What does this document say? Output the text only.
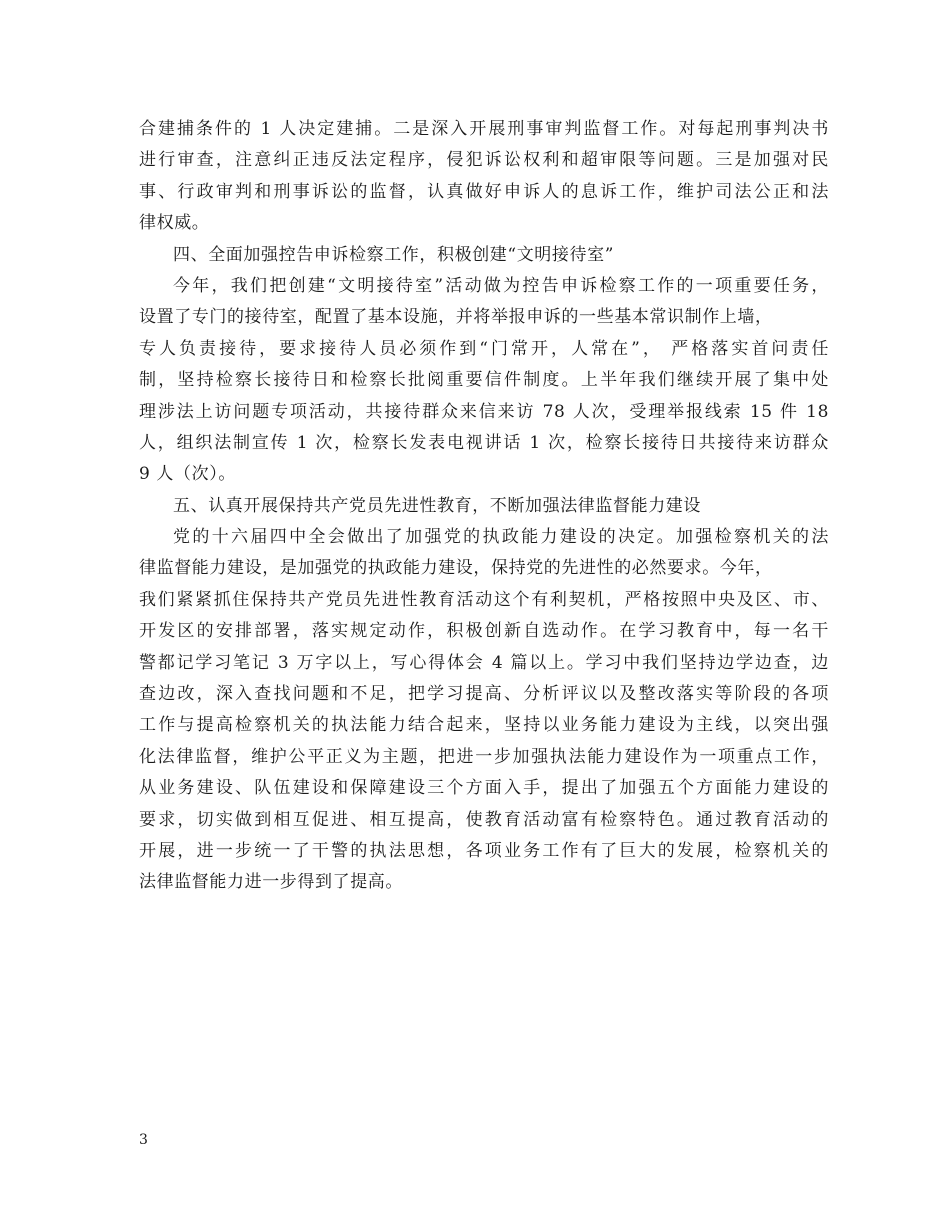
合建捕条件的 1 人决定建捕。二是深入开展刑事审判监督工作。对每起刑事判决书
进行审查，注意纠正违反法定程序，侵犯诉讼权利和超审限等问题。三是加强对民
事、行政审判和刑事诉讼的监督，认真做好申诉人的息诉工作，维护司法公正和法
律权威。
四、全面加强控告申诉检察工作，积极创建“文明接待室”
今年，我们把创建“文明接待室”活动做为控告申诉检察工作的一项重要任务，
设置了专门的接待室，配置了基本设施，并将举报申诉的一些基本常识制作上墙，
专人负责接待，要求接待人员必须作到“门常开，人常在”， 严格落实首问责任
制，坚持检察长接待日和检察长批阅重要信件制度。上半年我们继续开展了集中处
理涉法上访问题专项活动，共接待群众来信来访 78 人次，受理举报线索 15 件 18
人，组织法制宣传 1 次，检察长发表电视讲话 1 次，检察长接待日共接待来访群众
9 人（次）。
五、认真开展保持共产党员先进性教育，不断加强法律监督能力建设
党的十六届四中全会做出了加强党的执政能力建设的决定。加强检察机关的法
律监督能力建设，是加强党的执政能力建设，保持党的先进性的必然要求。今年，
我们紧紧抓住保持共产党员先进性教育活动这个有利契机，严格按照中央及区、市、
开发区的安排部署，落实规定动作，积极创新自选动作。在学习教育中，每一名干
警都记学习笔记 3 万字以上，写心得体会 4 篇以上。学习中我们坚持边学边查，边
查边改，深入查找问题和不足，把学习提高、分析评议以及整改落实等阶段的各项
工作与提高检察机关的执法能力结合起来，坚持以业务能力建设为主线，以突出强
化法律监督，维护公平正义为主题，把进一步加强执法能力建设作为一项重点工作，
从业务建设、队伍建设和保障建设三个方面入手，提出了加强五个方面能力建设的
要求，切实做到相互促进、相互提高，使教育活动富有检察特色。通过教育活动的
开展，进一步统一了干警的执法思想，各项业务工作有了巨大的发展，检察机关的
法律监督能力进一步得到了提高。
3
